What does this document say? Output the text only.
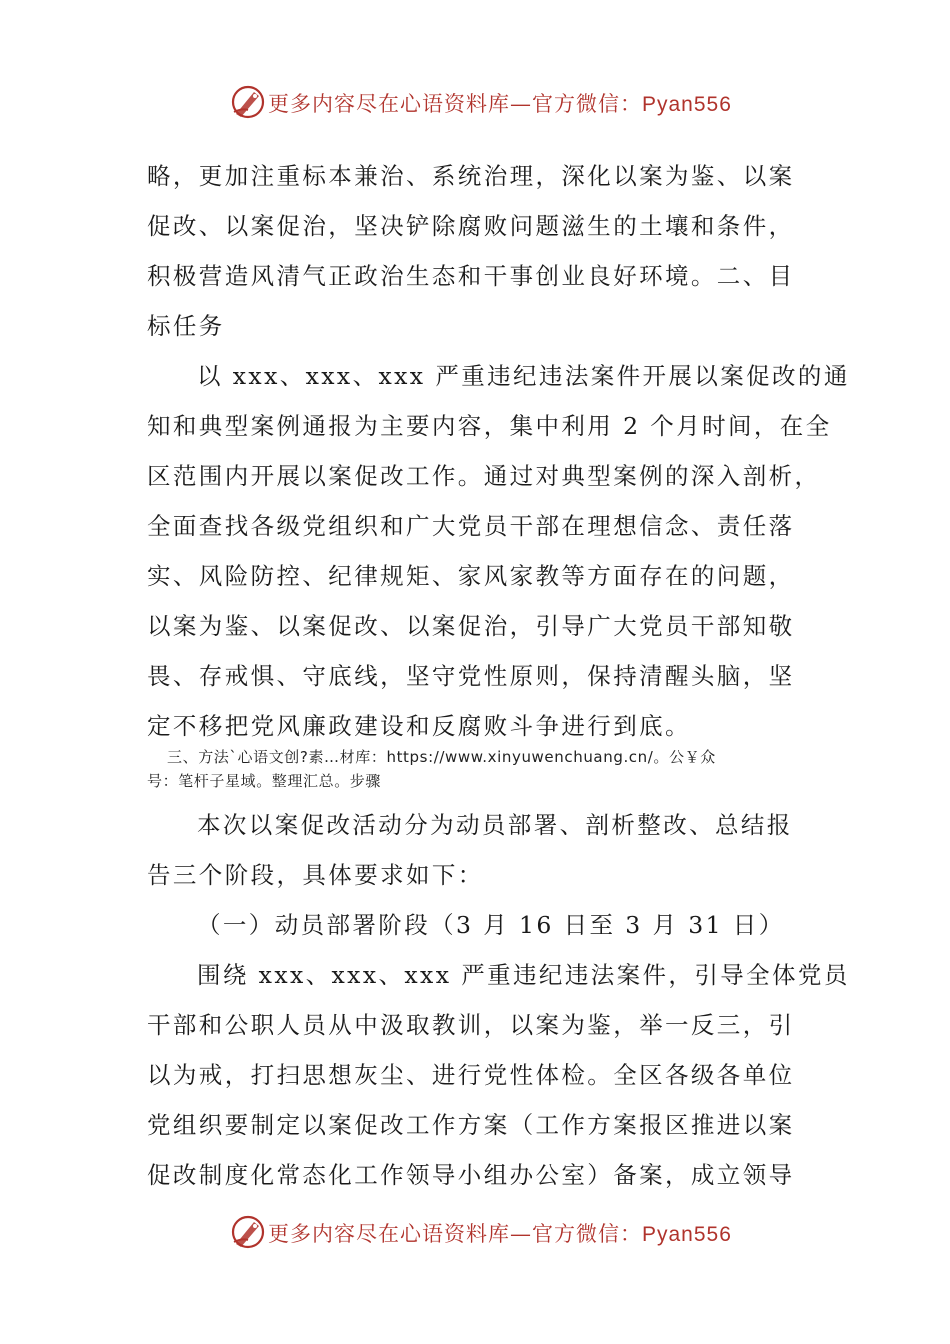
更多内容尽在心语资料库—官方微信：Pyan556
略，更加注重标本兼治、系统治理，深化以案为鉴、以案
促改、以案促治，坚决铲除腐败问题滋生的土壤和条件，
积极营造风清气正政治生态和干事创业良好环境。二、目
标任务
以 xxx、xxx、xxx 严重违纪违法案件开展以案促改的通
知和典型案例通报为主要内容，集中利用 2 个月时间，在全
区范围内开展以案促改工作。通过对典型案例的深入剖析，
全面查找各级党组织和广大党员干部在理想信念、责任落
实、风险防控、纪律规矩、家风家教等方面存在的问题，
以案为鉴、以案促改、以案促治，引导广大党员干部知敬
畏、存戒惧、守底线，坚守党性原则，保持清醒头脑，坚
定不移把党风廉政建设和反腐败斗争进行到底。
三、方法`心语文创?素…材库：https://www.xinyuwenchuang.cn/。公￥众
号：笔杆子星域。整理汇总。步骤
本次以案促改活动分为动员部署、剖析整改、总结报
告三个阶段，具体要求如下：
（一）动员部署阶段（3 月 16 日至 3 月 31 日）
围绕 xxx、xxx、xxx 严重违纪违法案件，引导全体党员
干部和公职人员从中汲取教训，以案为鉴，举一反三，引
以为戒，打扫思想灰尘、进行党性体检。全区各级各单位
党组织要制定以案促改工作方案（工作方案报区推进以案
促改制度化常态化工作领导小组办公室）备案，成立领导
更多内容尽在心语资料库—官方微信：Pyan556
